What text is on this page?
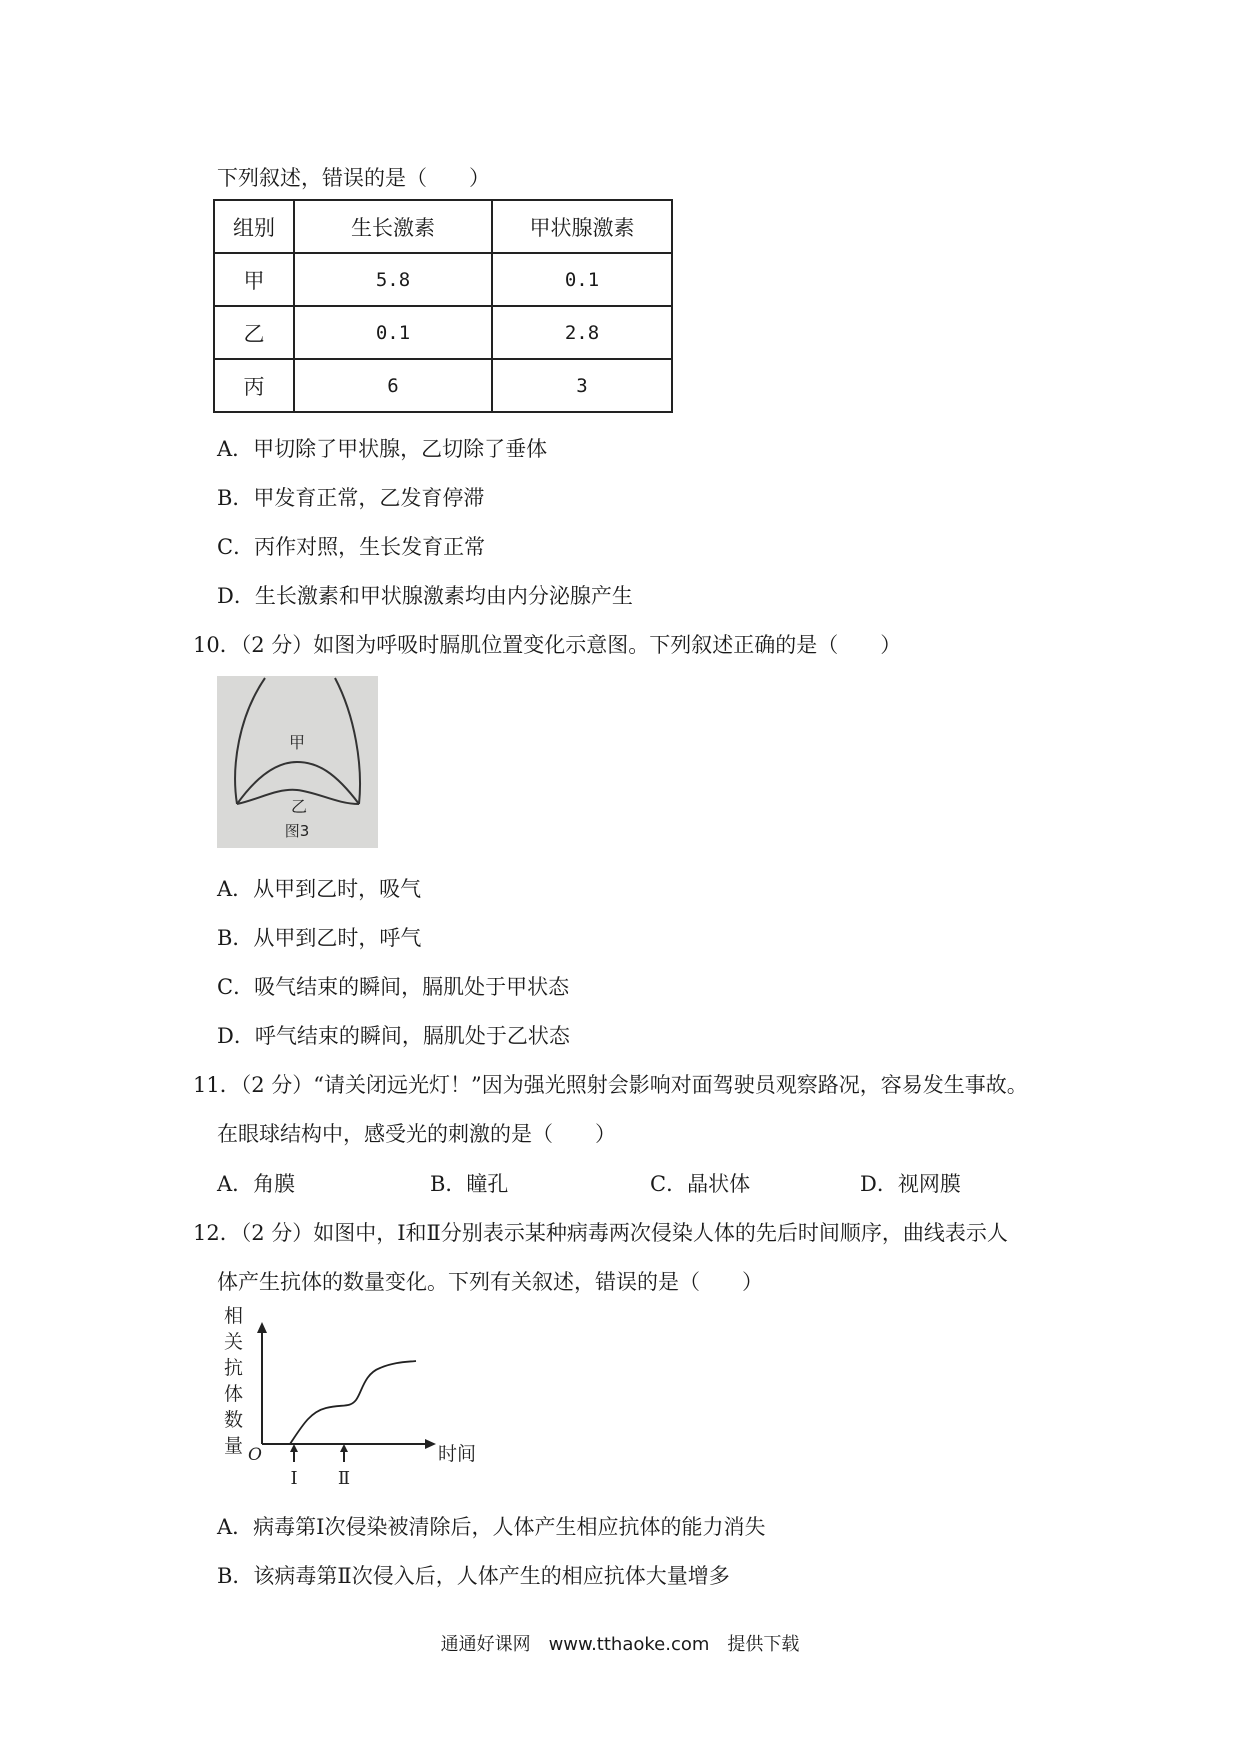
下列叙述，错误的是（　　）
组别	生长激素	甲状腺激素
甲	5.8	0.1
乙	0.1	2.8
丙	6	3
A．甲切除了甲状腺，乙切除了垂体
B．甲发育正常，乙发育停滞
C．丙作对照，生长发育正常
D．生长激素和甲状腺激素均由内分泌腺产生
10．（2 分）如图为呼吸时膈肌位置变化示意图。下列叙述正确的是（　　）
甲
乙
图3
A．从甲到乙时，吸气
B．从甲到乙时，呼气
C．吸气结束的瞬间，膈肌处于甲状态
D．呼气结束的瞬间，膈肌处于乙状态
11．（2 分）“请关闭远光灯！”因为强光照射会影响对面驾驶员观察路况，容易发生事故。
在眼球结构中，感受光的刺激的是（　　）
A．角膜	B．瞳孔	C．晶状体	D．视网膜
12．（2 分）如图中，Ⅰ和Ⅱ分别表示某种病毒两次侵染人体的先后时间顺序，曲线表示人
体产生抗体的数量变化。下列有关叙述，错误的是（　　）
相
关
抗
体
数
量 O	时间
Ⅰ Ⅱ
A．病毒第Ⅰ次侵染被清除后，人体产生相应抗体的能力消失
B．该病毒第Ⅱ次侵入后，人体产生的相应抗体大量增多
通通好课网　www.tthaoke.com　提供下载
